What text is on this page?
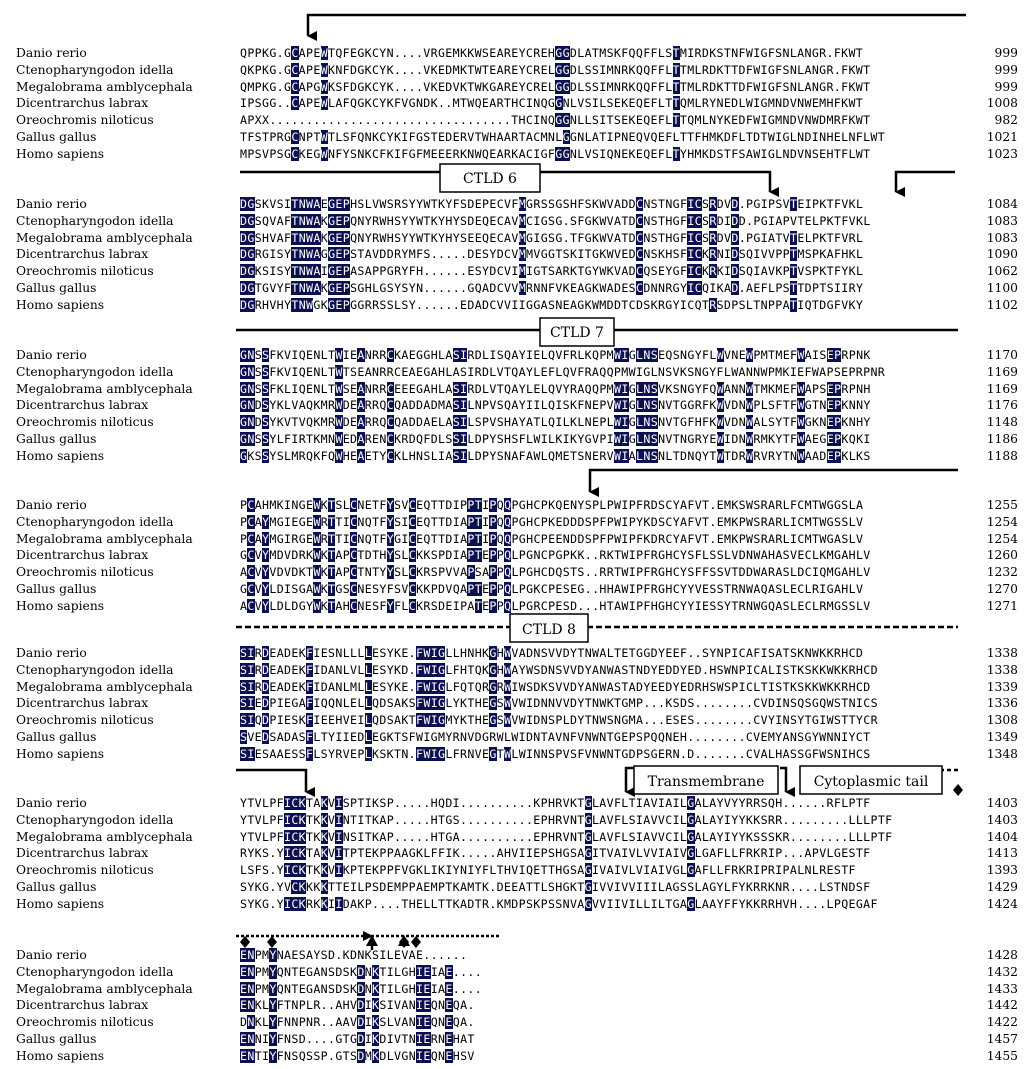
Danio rerio	QPPKG.GCAPEWTQFEGKCYN....VRGEMKKWSEAREYCREHGGDLATMSKFQQFFLSTMIRDKSTNFWIGFSNLANGR.FKWT	999
Ctenopharyngodon idella	QKPKG.GCAPEWKNFDGKCYK....VKEDMKTWTEAREYCRELGGDLSSIMNRKQQFFLTTMLRDKTTDFWIGFSNLANGR.FKWT	999
Megalobrama amblycephala	QMPKG.GCAPGWKSFDGKCYK....VKEDVKTWKGAREYCRELGGDLSSIMNRKQQFFLTTMLRDKTTDFWIGFSNLANGR.FKWT	999
Dicentrarchus labrax	IPSGG..CAPEWLAFQGKCYKFVGNDK..MTWQEARTHCINQGGNLVSILSEKEQEFLTTQMLRYNEDLWIGMNDVNWEMHFKWT	1008
Oreochromis niloticus	APXX.................................THCINQGGNLLSITSEKEQEFLTTQMLNYKEDFWIGMNDVNWDMRFKWT	982
Gallus gallus	TFSTPRGCNPTWTLSFQNKCYKIFGSTEDERVTWHAARTACMNLGGNLATIPNEQVQEFLTTFHMKDFLTDTWIGLNDINHELNFLWT	1021
Homo sapiens	MPSVPSGCKEGWNFYSNKCFKIFGFMEEERKNWQEARKACIGFGGNLVSIQNEKEQEFLTYHMKDSTFSAWIGLNDVNSEHTFLWT	1023
Danio rerio	DGSKVSITNWAEGEPHSLVWSRSYYWTKYFSDEPECVFMGRSSGSHFSKWVADDCNSTNGFICSRDVD.PGIPSVTEIPKTFVKL	1084
Ctenopharyngodon idella	DGSQVAFTNWAKGEPQNYRWHSYYWTKYHYSDEQECAVMCIGSG.SFGKWVATDCNSTHGFICSRDIDD.PGIAPVTELPKTFVKL	1083
Megalobrama amblycephala	DGSHVAFTNWAKGEPQNYRWHSYYWTKYHYSEEQECAVMGIGSG.TFGKWVATDCNSTHGFICSRDVD.PGIATVTELPKTFVRL	1083
Dicentrarchus labrax	DGRGISYTNWAGGEPSTAVDDRYMFS.....DESYDCVMMVGGTSKITGKWVEDCNSKHSFICKRNIDSQIVVPPTMSPKAFHKL	1090
Oreochromis niloticus	DGKSISYTNWAIGEPASAPPGRYFH......ESYDCVIMIGTSARKTGYWKVADCQSEYGFICKRKIDSQIAVKPTVSPKTFYKL	1062
Gallus gallus	DGTGVYFTNWAKGEPSGHLGSYSYN......GQADCVVMRNNFVKEAGKWADESCDNNRGYICQIKAD.AEFLPSTTDPTSIIRY	1100
Homo sapiens	DGRHVHYTNWGKGEPGGRRSSLSY......EDADCVVIIGGASNEAGKWMDDTCDSKRGYICQTRSDPSLTNPPATIQTDGFVKY	1102
Danio rerio	GNSSFKVIQENLTWIEANRRCKAEGGHLASIRDLISQAYIELQVFRLKQPMWIGLNSEQSNGYFLWVNEWPMTMEFWAISEPRPNK	1170
Ctenopharyngodon idella	GNSSFKVIQENLTWTSEANRRCEAEGAHLASIRDLVTQAYLEFLQVFRAQQPMWIGLNSVKSNGYFLWANNWPMKIEFWAPSEPRPNR	1169
Megalobrama amblycephala	GNSSFKLIQENLTWSEANRRCEEEGAHLASIRDLVTQAYLELQVYRAQQPMWIGLNSVKSNGYFQWANNWTMKMEFWAPSEPRPNH	1169
Dicentrarchus labrax	GNDSYKLVAQKMRWDEARRQCQADDADMASILNPVSQAYIILQISKFNEPVWIGLNSNVTGGRFKWVDNWPLSFTFWGTNEPKNNY	1176
Oreochromis niloticus	GNDSYKVTVQKMRWDEARRQCQADDAELASILSPVSHAYATLQILKLNEPLWIGLNSNVTGFHFKWVDNWALSYTFWGKNEPKNHY	1148
Gallus gallus	GNSSYLFIRTKMNWEDARENCKRDQFDLSSILDPYSHSFLWILKIKYGVPIWIGLNSNVTNGRYEWIDNWRMKYTFWAEGEPKQKI	1186
Homo sapiens	GKSSYSLMRQKFQWHEAETYCKLHNSLIASILDPYSNAFAWLQMETSNERVWIALNSNLTDNQYTWTDRWRVRYTNWAADEPKLKS	1188
Danio rerio	PCAHMKINGEWKTSLCNETFYSVCEQTTDIPPTIPQQPGHCPKQENYSPLPWIPFRDSCYAFVT.EMKSWSRARLFCMTWGGSLA	1255
Ctenopharyngodon idella	PCAYMGIEGEWRTTICNQTFYSICEQTTDIAPTIPQQPGHCPKEDDDSPFPWIPYKDSCYAFVT.EMKPWSRARLICMTWGSSLV	1254
Megalobrama amblycephala	PCAYMGIRGEWRTTICNQTFYGICEQTTDIAPTIPQQPGHCPEENDDSPFPWIPFKDRCYAFVT.EMKPWSRARLICMTWGASLV	1254
Dicentrarchus labrax	GCVYMDVDRKWKTAPCTDTHYSLCKKSPDIAPTEPPQLPGNCPGPKK..RKTWIPFRGHCYSFLSSLVDNWAHASVECLKMGAHLV	1260
Oreochromis niloticus	ACVYVDVDKTWKTAPCTNTYYSLCKRSPVVAPSAPPQLPGHCDQSTS..RRTWIPFRGHCYSFFSSVTDDWARASLDCIQMGAHLV	1232
Gallus gallus	GCVYLDISGAWKTGSCNESYFSVCKKPDVQAPTEPPQLPGKCPESEG..HHAWIPFRGHCYYVESSTRNWAQASLECLRIGAHLV	1270
Homo sapiens	ACVYLDLDGYWKTAHCNESFYFLCKRSDEIPATEPPQLPGRCPESD...HTAWIPFHGHCYYIESSYTRNWGQASLECLRMGSSLV	1271
Danio rerio	SIRDEADEKFIESNLLLLESYKE.FWIGLLHNHKGHWVADNSVVDYTNWALTETGGDYEEF..SYNPICAFISATSKNWKKRHCD	1338
Ctenopharyngodon idella	SIRDEADEKFIDANLVLLESYKD.FWIGLFHTQKGHWAYWSDNSVVDYANWASTNDYEDDYED.HSWNPICALISTKSKKWKKRHCD	1338
Megalobrama amblycephala	SIRDEADEKFIDANLMLLESYKE.FWIGLFQTQRGRWIWSDKSVVDYANWASTADYEEDYEDRHSWSPICLTISTKSKKWKKRHCD	1339
Dicentrarchus labrax	SIEDPIEGAFIQQNLELLQDSAKSFWIGLYKTHEGSWVWIDNNVVDYTNWKTGMP...KSDS........CVDINSQSGQWSTNICS	1336
Oreochromis niloticus	SIQDPIESKFIEEHVEILQDSAKTFWIGMYKTHEGSWVWIDNSPLDYTNWSNGMA...ESES........CVYINSYTGIWSTTYCR	1308
Gallus gallus	SVEDSADASFLTYIIEDLEGKTSFWIGMYRNVDGRWLWIDNTAVNFVNWNTGEPSPQQNEH........CVEMYANSGYWNNIYCT	1349
Homo sapiens	SIESAAESSFLSYRVEPLKSKTN.FWIGLFRNVEGTWLWINNSPVSFVNWNTGDPSGERN.D.......CVALHASSGFWSNIHCS	1348
Danio rerio	YTVLPFICKTAKVISPTIKSP.....HQDI..........KPHRVKTGLAVFLTIAVIAILGALAYVYYRRSQH......RFLPTF	1403
Ctenopharyngodon idella	YTVLPFICKTKKVINTITKAP.....HTGS..........EPHRVNTGLAVFLSIAVVCILGALAYIYYKKSRR.........LLLPTF	1403
Megalobrama amblycephala	YTVLPFICKTKKVINSITKAP.....HTGA..........EPHRVNTGLAVFLSIAVVCILGALAYIYYKSSSKR........LLLPTF	1404
Dicentrarchus labrax	RYKS.YICKTAKVITPTEKPPAAGKLFFIK.....AHVIIEPSHGSAGITVAIVLVVIAIVGLGAFLLFRKRIP...APVLGESTF	1413
Oreochromis niloticus	LSFS.YICKTKKVIKPTEKPPFVGKLIKIYNIYFLTHVIQETTHGSAGIVAIVLVIAIVGLGAFLLFRKRIPRIPALNLRESTF	1393
Gallus gallus	SYKG.YVCKKKKTTEILPSDEMPPAEMPTKAMTK.DEEATTLSHGKTGIVVIVVIIILAGSSLAGYLFYKRRKNR....LSTNDSF	1429
Homo sapiens	SYKG.YICKRKKIIDAKP....THELLTTKADTR.KMDPSKPSSNVAGVVIIVILLILTGAGLAAYFFYKKRRHVH....LPQEGAF	1424
Danio rerio	ENPMYNAESAYSD.KDNKSILEVAE......	1428
Ctenopharyngodon idella	ENPMYQNTEGANSDSKDNKTILGHIEIAE....	1432
Megalobrama amblycephala	ENPMYQNTEGANSDSKDNKTILGHIEIAE....	1433
Dicentrarchus labrax	ENKLYFTNPLR..AHVDIKSIVANIEQNEQA.	1442
Oreochromis niloticus	DNKLYFNNPNR..AAVDIKSLVANIEQNEQA.	1422
Gallus gallus	ENNIYFNSD....GTGDIKDIVTNIERNEHAT	1457
Homo sapiens	ENTIYFNSQSSP.GTSDMKDLVGNIEQNEHSV	1455
CTLD 6
CTLD 7
CTLD 8
Transmembrane	Cytoplasmic tail
